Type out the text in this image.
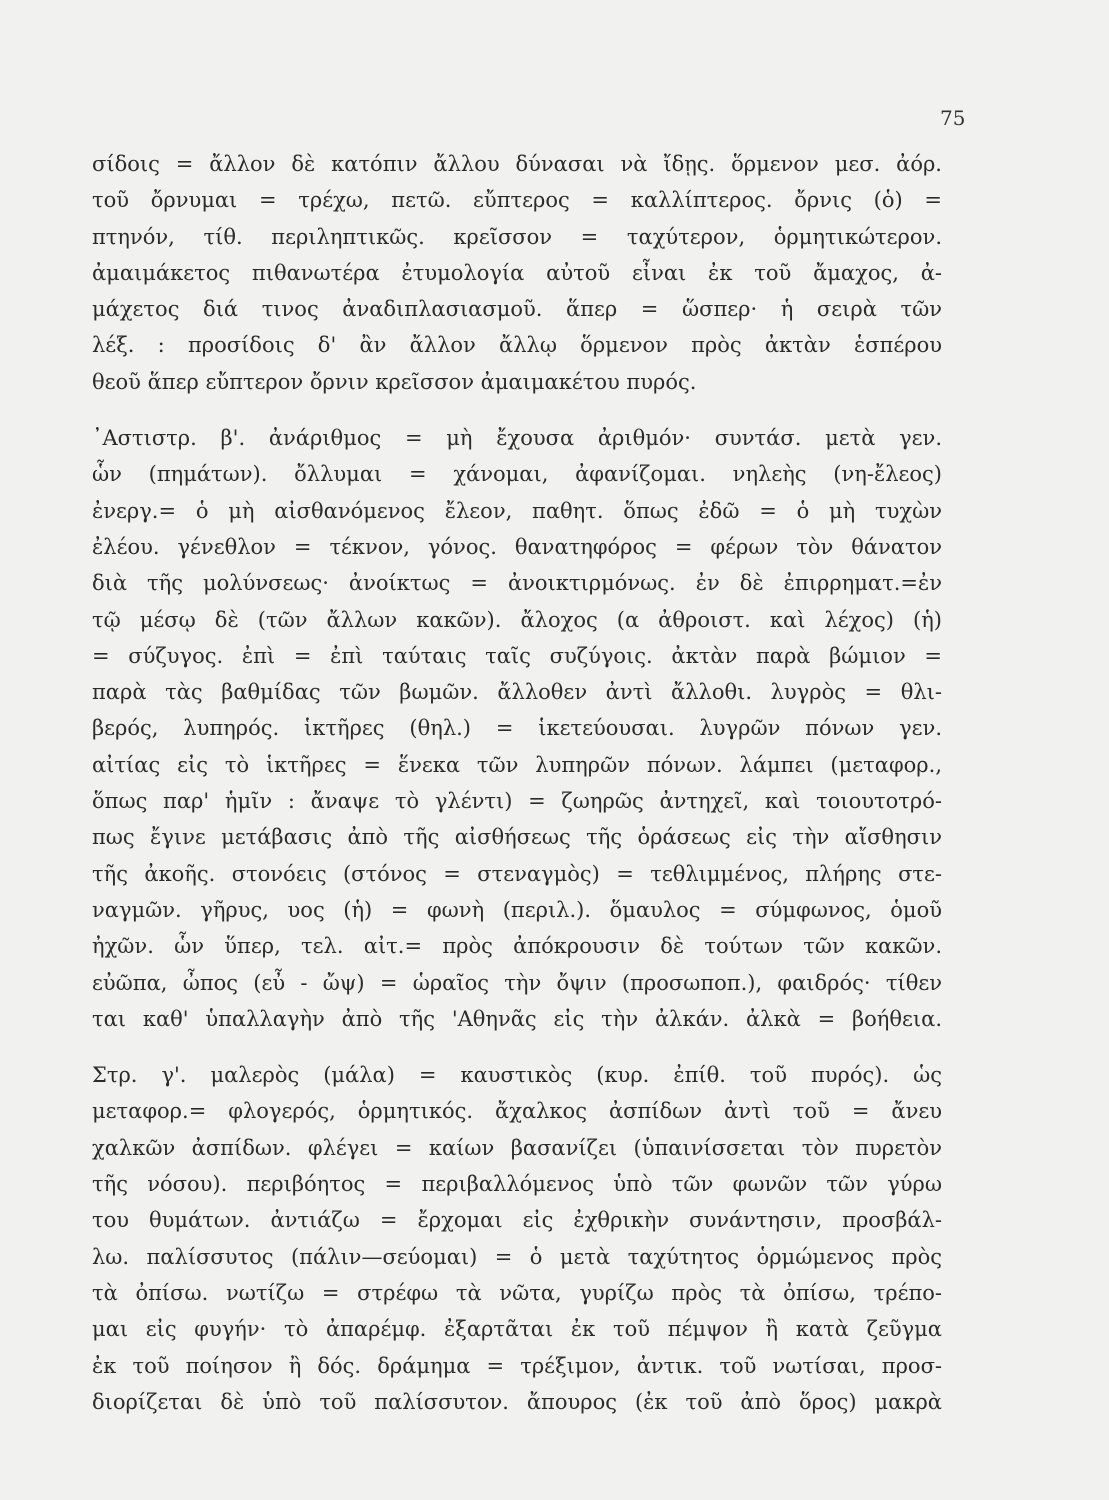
75
σίδοις = ἄλλον δὲ κατόπιν ἄλλου δύνασαι νὰ ἴδῃς. ὅρμενον μεσ. ἀόρ.
τοῦ ὄρνυμαι = τρέχω, πετῶ. εὔπτερος = καλλίπτερος. ὄρνις (ὁ) =
πτηνόν, τίθ. περιληπτικῶς. κρεῖσσον = ταχύτερον, ὁρμητικώτερον.
ἀμαιμάκετος πιθανωτέρα ἐτυμολογία αὐτοῦ εἶναι ἐκ τοῦ ἄμαχος, ἀ-
μάχετος διά τινος ἀναδιπλασιασμοῦ. ἅπερ = ὥσπερ· ἡ σειρὰ τῶν
λέξ. : προσίδοις δ' ἂν ἄλλον ἄλλῳ ὅρμενον πρὸς ἀκτὰν ἑσπέρου
θεοῦ ἅπερ εὔπτερον ὄρνιν κρεῖσσον ἀμαιμακέτου πυρός.
᾿Αστιστρ. β'. ἀνάριθμος = μὴ ἔχουσα ἀριθμόν· συντάσ. μετὰ γεν.
ὧν (πημάτων). ὄλλυμαι = χάνομαι, ἀφανίζομαι. νηλεὴς (νη-ἔλεος)
ἐνεργ.= ὁ μὴ αἰσθανόμενος ἔλεον, παθητ. ὅπως ἐδῶ = ὁ μὴ τυχὼν
ἐλέου. γένεθλον = τέκνον, γόνος. θανατηφόρος = φέρων τὸν θάνατον
διὰ τῆς μολύνσεως· ἀνοίκτως = ἀνοικτιρμόνως. ἐν δὲ ἐπιρρηματ.=ἐν
τῷ μέσῳ δὲ (τῶν ἄλλων κακῶν). ἄλοχος (α ἀθροιστ. καὶ λέχος) (ἡ)
= σύζυγος. ἐπὶ = ἐπὶ ταύταις ταῖς συζύγοις. ἀκτὰν παρὰ βώμιον =
παρὰ τὰς βαθμίδας τῶν βωμῶν. ἄλλοθεν ἀντὶ ἄλλοθι. λυγρὸς = θλι-
βερός, λυπηρός. ἱκτῆρες (θηλ.) = ἱκετεύουσαι. λυγρῶν πόνων γεν.
αἰτίας εἰς τὸ ἱκτῆρες = ἕνεκα τῶν λυπηρῶν πόνων. λάμπει (μεταφορ.,
ὅπως παρ' ἡμῖν : ἄναψε τὸ γλέντι) = ζωηρῶς ἀντηχεῖ, καὶ τοιουτοτρό-
πως ἔγινε μετάβασις ἀπὸ τῆς αἰσθήσεως τῆς ὁράσεως εἰς τὴν αἴσθησιν
τῆς ἀκοῆς. στονόεις (στόνος = στεναγμὸς) = τεθλιμμένος, πλήρης στε-
ναγμῶν. γῆρυς, υος (ἡ) = φωνὴ (περιλ.). ὅμαυλος = σύμφωνος, ὁμοῦ
ἠχῶν. ὧν ὕπερ, τελ. αἰτ.= πρὸς ἀπόκρουσιν δὲ τούτων τῶν κακῶν.
εὐῶπα, ὦπος (εὖ - ὤψ) = ὡραῖος τὴν ὄψιν (προσωποπ.), φαιδρός· τίθεν
ται καθ' ὑπαλλαγὴν ἀπὸ τῆς 'Αθηνᾶς εἰς τὴν ἀλκάν. ἀλκὰ = βοήθεια.
Στρ. γ'. μαλερὸς (μάλα) = καυστικὸς (κυρ. ἐπίθ. τοῦ πυρός). ὡς
μεταφορ.= φλογερός, ὁρμητικός. ἄχαλκος ἀσπίδων ἀντὶ τοῦ = ἄνευ
χαλκῶν ἀσπίδων. φλέγει = καίων βασανίζει (ὑπαινίσσεται τὸν πυρετὸν
τῆς νόσου). περιβόητος = περιβαλλόμενος ὑπὸ τῶν φωνῶν τῶν γύρω
του θυμάτων. ἀντιάζω = ἔρχομαι εἰς ἐχθρικὴν συνάντησιν, προσβάλ-
λω. παλίσσυτος (πάλιν—σεύομαι) = ὁ μετὰ ταχύτητος ὁρμώμενος πρὸς
τὰ ὀπίσω. νωτίζω = στρέφω τὰ νῶτα, γυρίζω πρὸς τὰ ὀπίσω, τρέπο-
μαι εἰς φυγήν· τὸ ἀπαρέμφ. ἐξαρτᾶται ἐκ τοῦ πέμψον ἢ κατὰ ζεῦγμα
ἐκ τοῦ ποίησον ἢ δός. δράμημα = τρέξιμον, ἀντικ. τοῦ νωτίσαι, προσ-
διορίζεται δὲ ὑπὸ τοῦ παλίσσυτον. ἄπουρος (ἐκ τοῦ ἀπὸ ὅρος) μακρὰ
